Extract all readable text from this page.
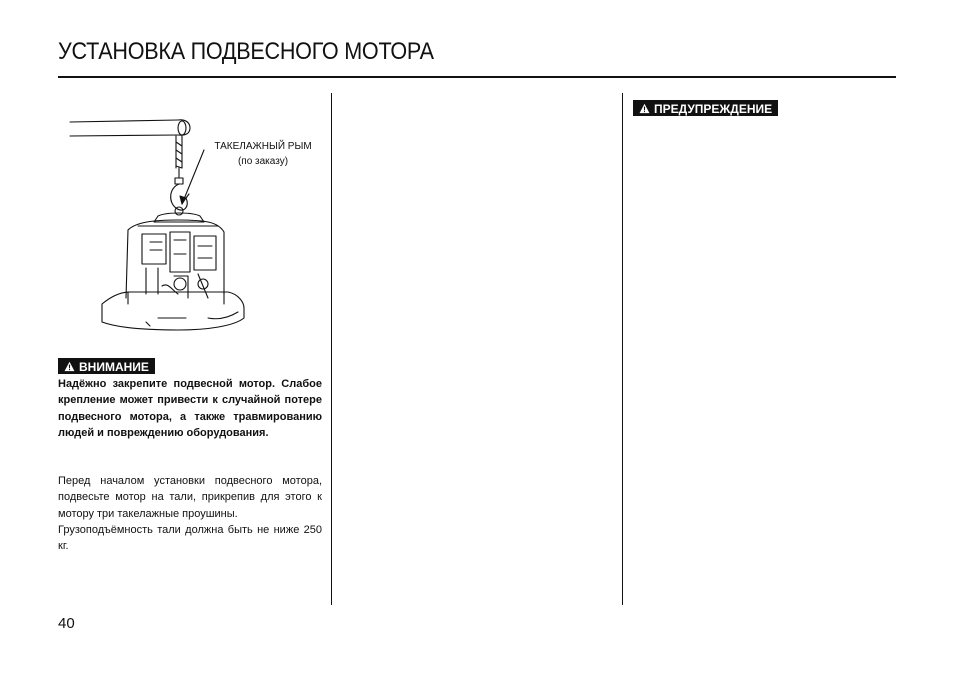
УСТАНОВКА ПОДВЕСНОГО МОТОРА
ТАКЕЛАЖНЫЙ РЫМ
(по заказу)
ВНИМАНИЕ

Надёжно закрепите подвесной мотор. Слабое крепление может привести к случайной потере подвесного мотора, а также травмированию людей и повреждению оборудования.

Перед началом установки подвесного мотора, подвесьте мотор на тали, прикрепив для этого к мотору три такелажные проушины.

Грузоподъёмность тали должна быть не ниже 250 кг.

ПРЕДУПРЕЖДЕНИЕ
40
